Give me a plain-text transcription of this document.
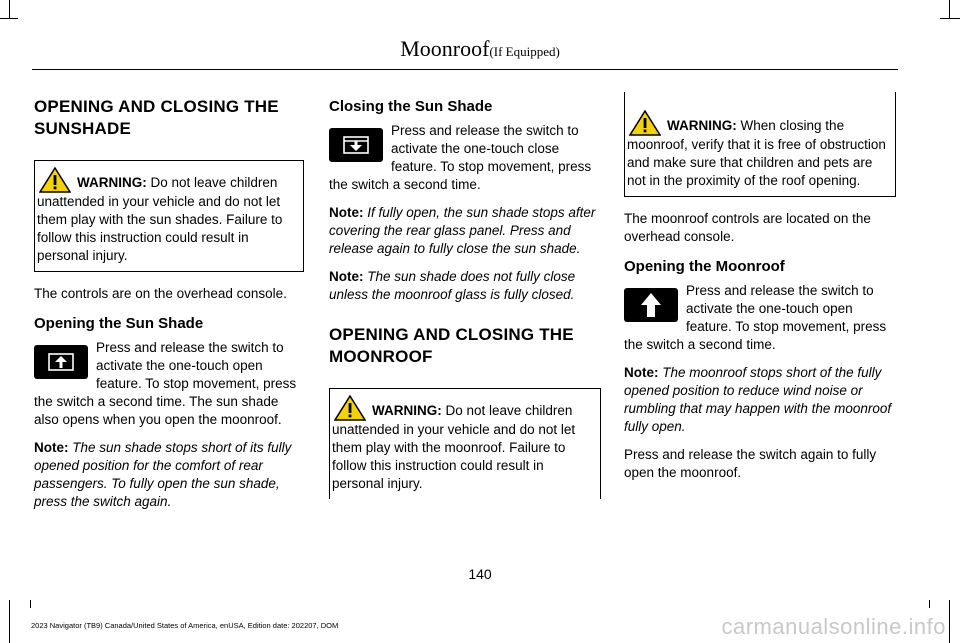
Moonroof(If Equipped)
OPENING AND CLOSING THE SUNSHADE
WARNING: Do not leave children unattended in your vehicle and do not let them play with the sun shades. Failure to follow this instruction could result in personal injury.

The controls are on the overhead console.

Opening the Sun Shade

Press and release the switch to activate the one-touch open feature. To stop movement, press the switch a second time. The sun shade also opens when you open the moonroof.

Note: The sun shade stops short of its fully opened position for the comfort of rear passengers. To fully open the sun shade, press the switch again.

Closing the Sun Shade

Press and release the switch to activate the one-touch close feature. To stop movement, press the switch a second time.

Note: If fully open, the sun shade stops after covering the rear glass panel. Press and release again to fully close the sun shade.

Note: The sun shade does not fully close unless the moonroof glass is fully closed.

OPENING AND CLOSING THE MOONROOF
WARNING: Do not leave children unattended in your vehicle and do not let them play with the moonroof. Failure to follow this instruction could result in personal injury.
WARNING: When closing the moonroof, verify that it is free of obstruction and make sure that children and pets are not in the proximity of the roof opening.

The moonroof controls are located on the overhead console.

Opening the Moonroof

Press and release the switch to activate the one-touch open feature. To stop movement, press the switch a second time.

Note: The moonroof stops short of the fully opened position to reduce wind noise or rumbling that may happen with the moonroof fully open.

Press and release the switch again to fully open the moonroof.

140
2023 Navigator (TB9) Canada/United States of America, enUSA, Edition date: 202207, DOM	carmanualsonline.info
